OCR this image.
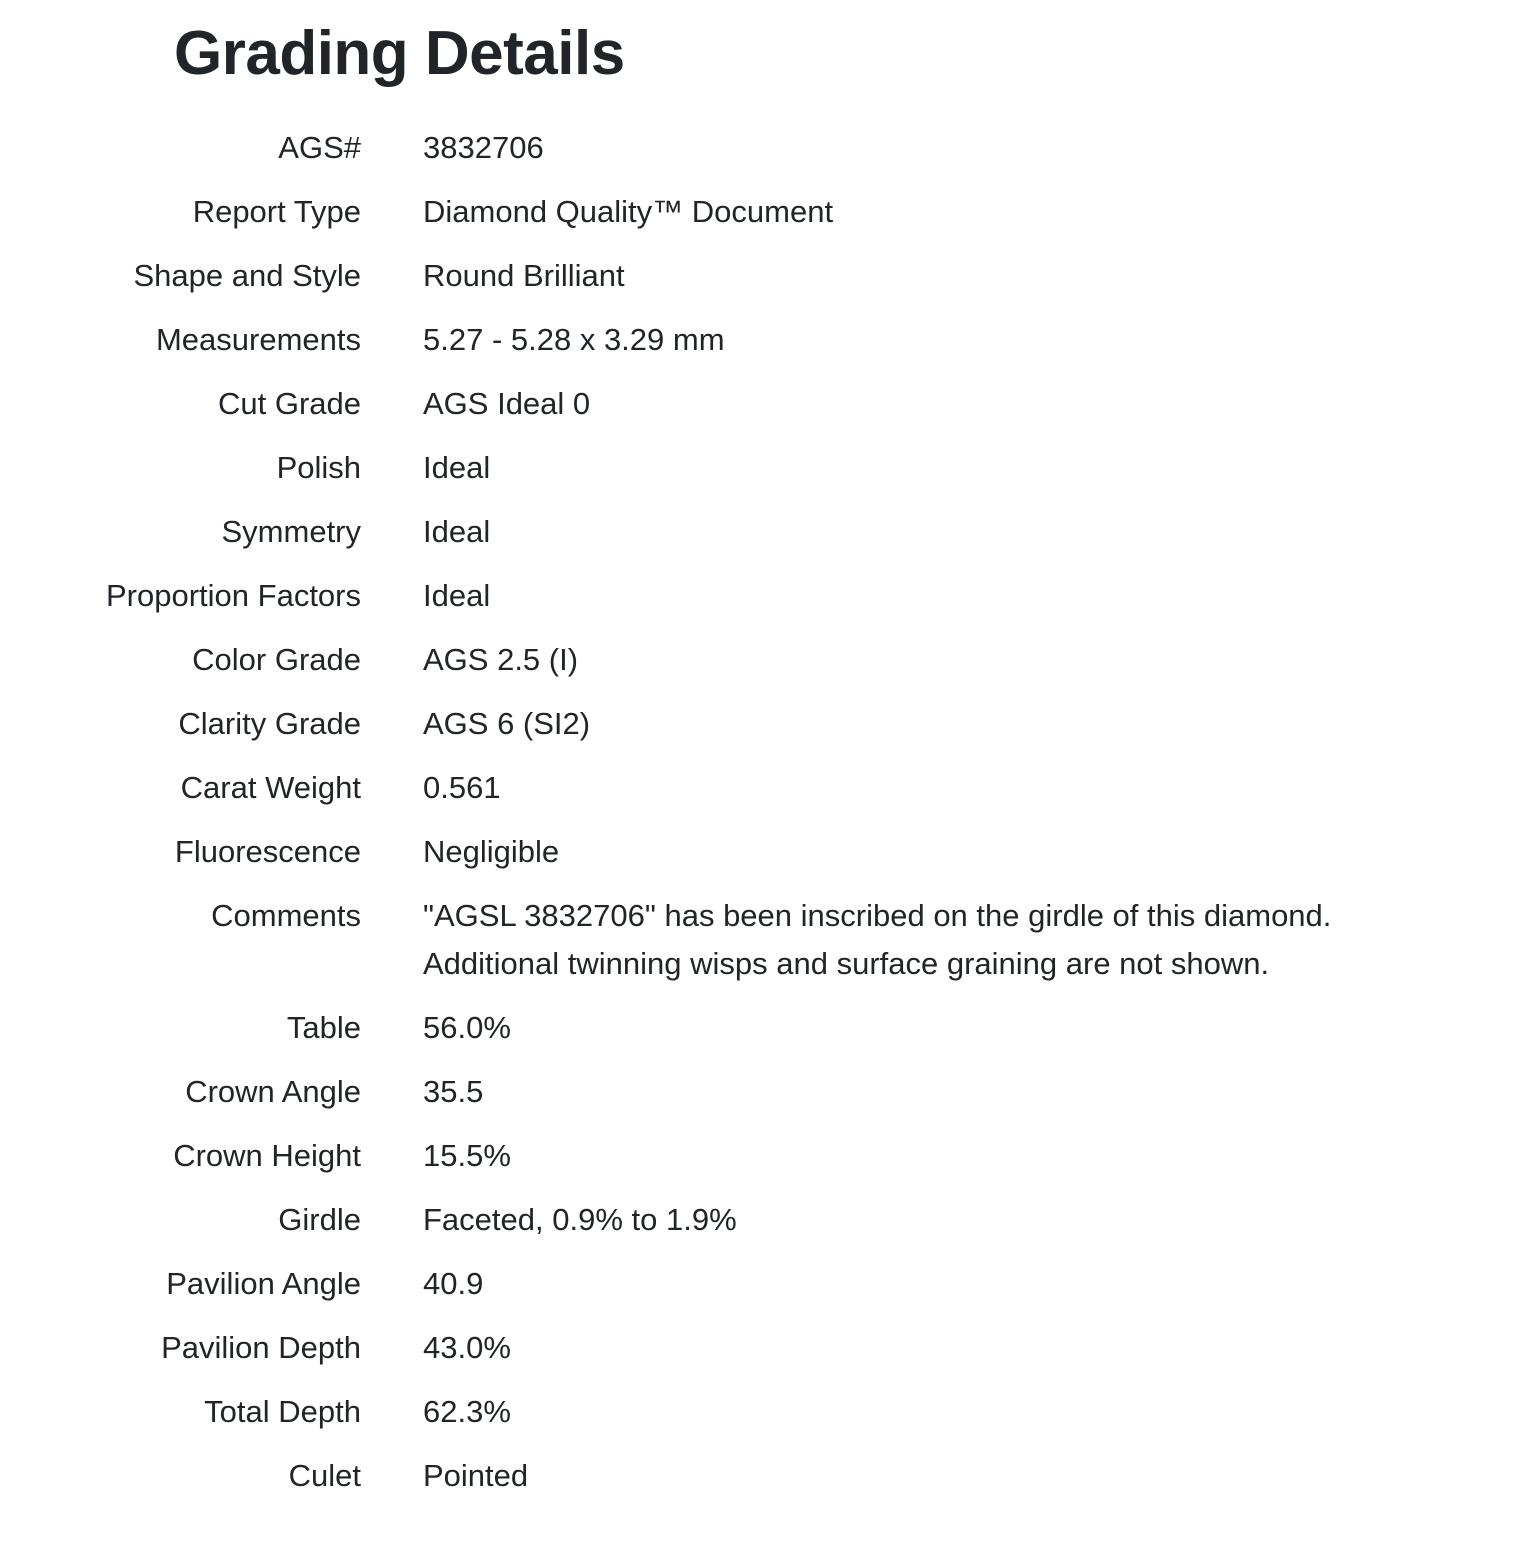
Grading Details
AGS# 3832706
Report Type Diamond Quality™ Document
Shape and Style Round Brilliant
Measurements 5.27 - 5.28 x 3.29 mm
Cut Grade AGS Ideal 0
Polish Ideal
Symmetry Ideal
Proportion Factors Ideal
Color Grade AGS 2.5 (I)
Clarity Grade AGS 6 (SI2)
Carat Weight 0.561
Fluorescence Negligible
Comments "AGSL 3832706" has been inscribed on the girdle of this diamond.
Additional twinning wisps and surface graining are not shown.
Table 56.0%
Crown Angle 35.5
Crown Height 15.5%
Girdle Faceted, 0.9% to 1.9%
Pavilion Angle 40.9
Pavilion Depth 43.0%
Total Depth 62.3%
Culet Pointed
